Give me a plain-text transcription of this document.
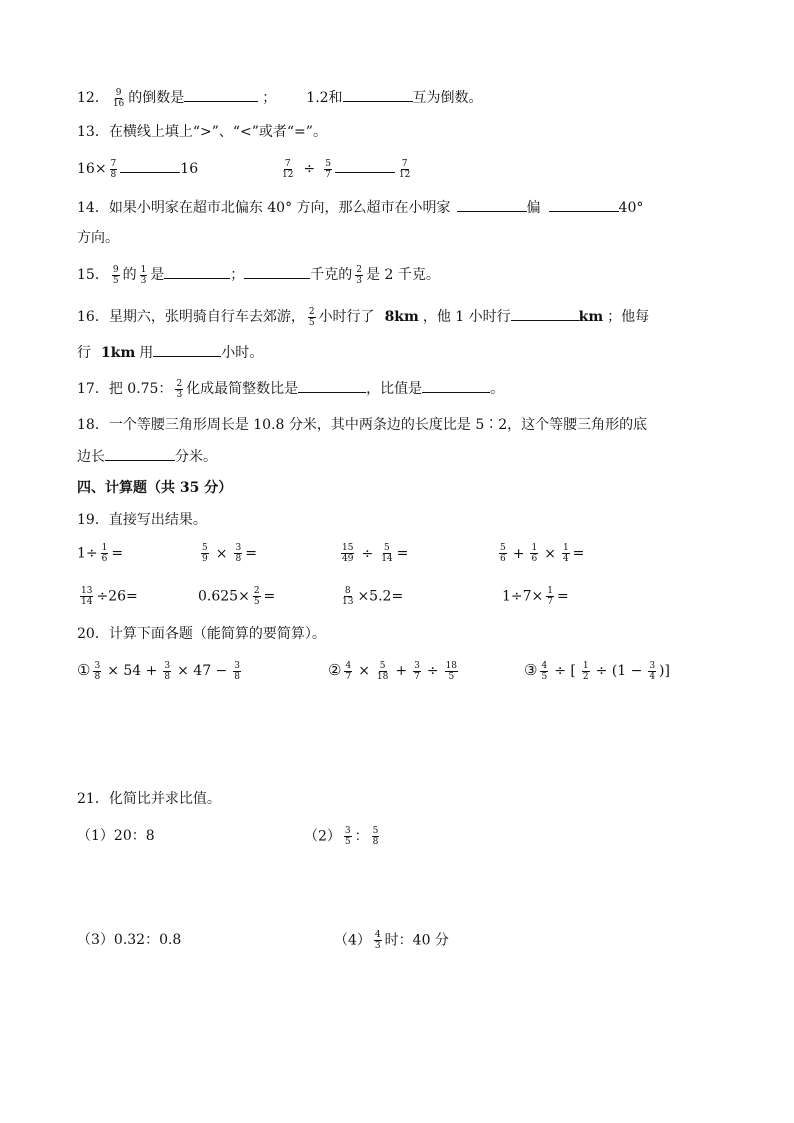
12． $\frac{9}{16}$ 的倒数是	； 1.2和	互为倒数。
13．在横线上填上“>”、“<”或者“=”。
$16\times \frac{7}{8}$	16	$\frac{7}{12} \div \frac{5}{7}$	$\frac{7}{12}$
14．如果小明家在超市北偏东 40° 方向，那么超市在小明家	偏	40°
方向。
15． $\frac{9}{5}$ 的 $\frac{1}{3}$ 是	；	千克的 $\frac{2}{3}$ 是 2 千克。
16．星期六，张明骑自行车去郊游， $\frac{2}{5}$ 小时行了 8km ，他 1 小时行	km ；他每
行 1km 用	小时。
17．把 0.75： $\frac{2}{3}$ 化成最简整数比是	，比值是	。
18．一个等腰三角形周长是 10.8 分米，其中两条边的长度比是 5∶2，这个等腰三角形的底
边长	分米。
四、计算题（共 35 分）
19．直接写出结果。
$1\div \frac{1}{6}$ =	$\frac{5}{9} \times \frac{3}{8}$ =	$\frac{15}{49} \div \frac{5}{14}$ =	$\frac{5}{6} + \frac{1}{6} \times \frac{1}{4}$ =
$\frac{13}{14} \div 26=$	$0.625\times \frac{2}{5}$ =	$\frac{8}{13} \times 5.2=$	$1\div 7\times \frac{1}{7}$ =
20．计算下面各题（能简算的要简算）。
① $\frac{3}{8} \times 54 + \frac{3}{8} \times 47 - \frac{3}{8}$	② $\frac{4}{7} \times \frac{5}{18} + \frac{3}{7} \div \frac{18}{5}$	③ $\frac{4}{5}$ ÷ [ $\frac{1}{2} \div (1 - \frac{3}{4}$ )]
21．化简比并求比值。
（1）20：8	$(2) \frac{3}{5}$ ： $\frac{5}{8}$
（3）0.32：0.8	$(4) \frac{4}{3}$ 时：40 分
